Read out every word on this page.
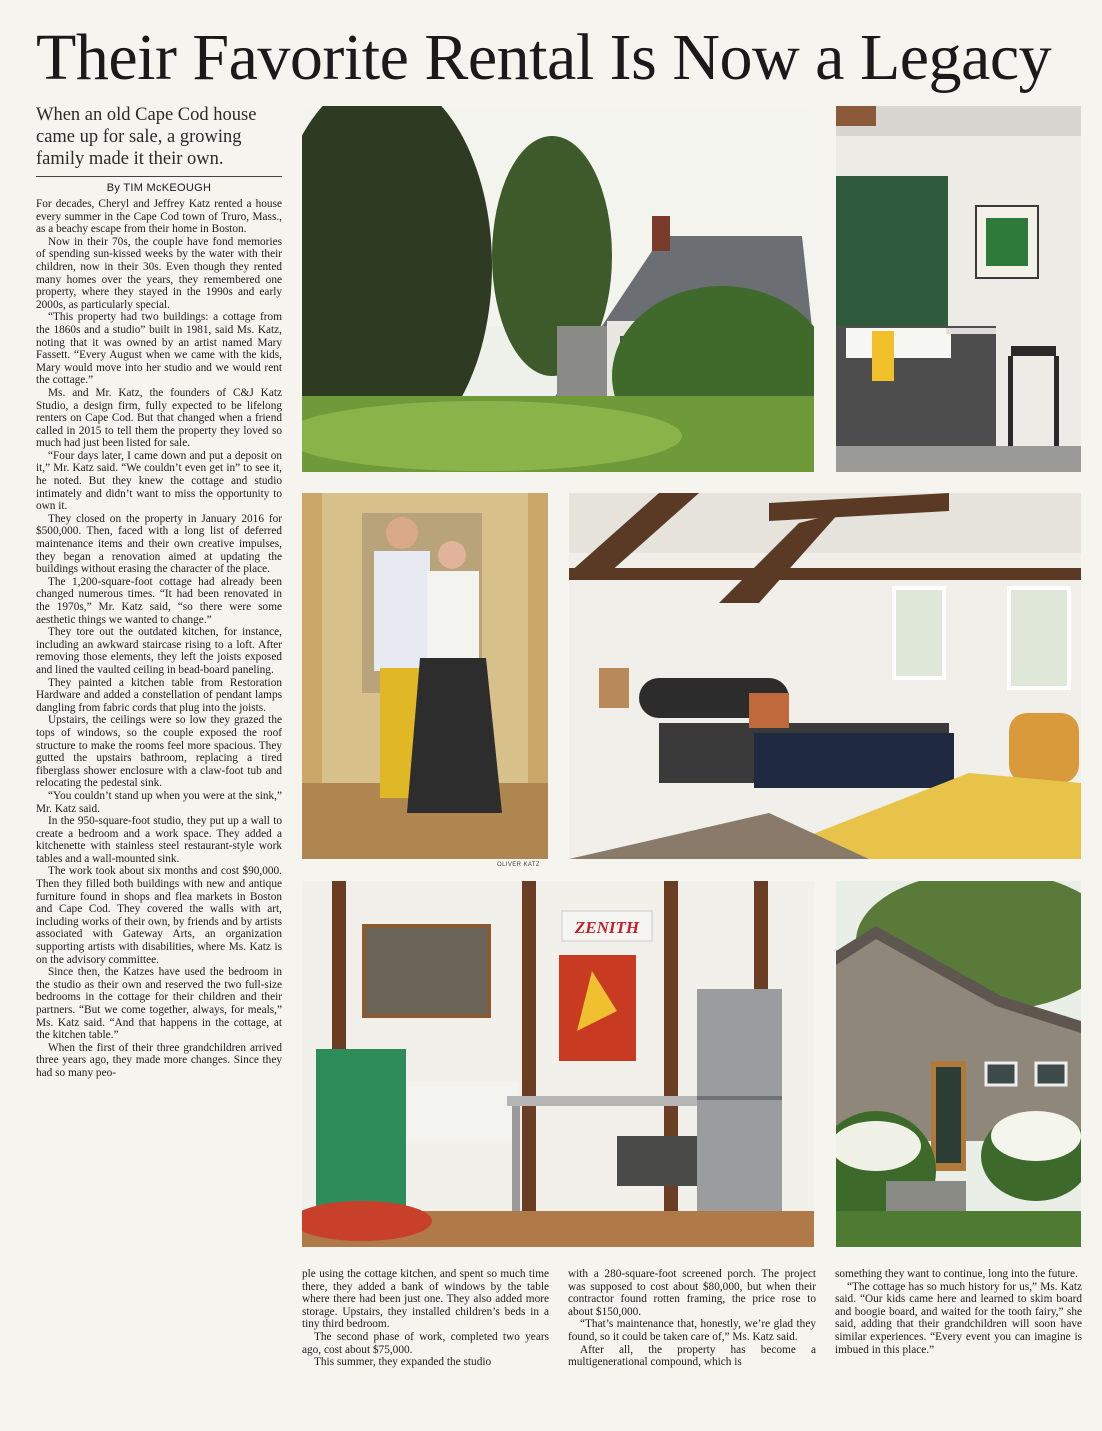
Their Favorite Rental Is Now a Legacy
When an old Cape Cod house came up for sale, a growing family made it their own.
By TIM McKEOUGH

For decades, Cheryl and Jeffrey Katz rented a house every summer in the Cape Cod town of Truro, Mass., as a beachy escape from their home in Boston.

Now in their 70s, the couple have fond memories of spending sun-kissed weeks by the water with their children, now in their 30s. Even though they rented many homes over the years, they remembered one property, where they stayed in the 1990s and early 2000s, as particularly special.

“This property had two buildings: a cottage from the 1860s and a studio” built in 1981, said Ms. Katz, noting that it was owned by an artist named Mary Fassett. “Every August when we came with the kids, Mary would move into her studio and we would rent the cottage.”

Ms. and Mr. Katz, the founders of C&J Katz Studio, a design firm, fully expected to be lifelong renters on Cape Cod. But that changed when a friend called in 2015 to tell them the property they loved so much had just been listed for sale.

“Four days later, I came down and put a deposit on it,” Mr. Katz said. “We couldn’t even get in” to see it, he noted. But they knew the cottage and studio intimately and didn’t want to miss the opportunity to own it.

They closed on the property in January 2016 for $500,000. Then, faced with a long list of deferred maintenance items and their own creative impulses, they began a renovation aimed at updating the buildings without erasing the character of the place.

The 1,200-square-foot cottage had already been changed numerous times. “It had been renovated in the 1970s,” Mr. Katz said, “so there were some aesthetic things we wanted to change.”

They tore out the outdated kitchen, for instance, including an awkward staircase rising to a loft. After removing those elements, they left the joists exposed and lined the vaulted ceiling in bead-board paneling.

They painted a kitchen table from Restoration Hardware and added a constellation of pendant lamps dangling from fabric cords that plug into the joists.

Upstairs, the ceilings were so low they grazed the tops of windows, so the couple exposed the roof structure to make the rooms feel more spacious. They gutted the upstairs bathroom, replacing a tired fiberglass shower enclosure with a claw-foot tub and relocating the pedestal sink.

“You couldn’t stand up when you were at the sink,” Mr. Katz said.

In the 950-square-foot studio, they put up a wall to create a bedroom and a work space. They added a kitchenette with stainless steel restaurant-style work tables and a wall-mounted sink.

The work took about six months and cost $90,000. Then they filled both buildings with new and antique furniture found in shops and flea markets in Boston and Cape Cod. They covered the walls with art, including works of their own, by friends and by artists associated with Gateway Arts, an organization supporting artists with disabilities, where Ms. Katz is on the advisory committee.

Since then, the Katzes have used the bedroom in the studio as their own and reserved the two full-size bedrooms in the cottage for their children and their partners. “But we come together, always, for meals,” Ms. Katz said. “And that happens in the cottage, at the kitchen table.”

When the first of their three grandchildren arrived three years ago, they made more changes. Since they had so many peo-

ple using the cottage kitchen, and spent so much time there, they added a bank of windows by the table where there had been just one. They also added more storage. Upstairs, they installed children’s beds in a tiny third bedroom.

The second phase of work, completed two years ago, cost about $75,000.

This summer, they expanded the studio

with a 280-square-foot screened porch. The project was supposed to cost about $80,000, but when their contractor found rotten framing, the price rose to about $150,000.

“That’s maintenance that, honestly, we’re glad they found, so it could be taken care of,” Ms. Katz said.

After all, the property has become a multigenerational compound, which is

something they want to continue, long into the future.

“The cottage has so much history for us,” Ms. Katz said. “Our kids came here and learned to skim board and boogie board, and waited for the tooth fairy,” she said, adding that their grandchildren will soon have similar experiences. “Every event you can imagine is imbued in this place.”

ZENITH
OLIVER KATZ
